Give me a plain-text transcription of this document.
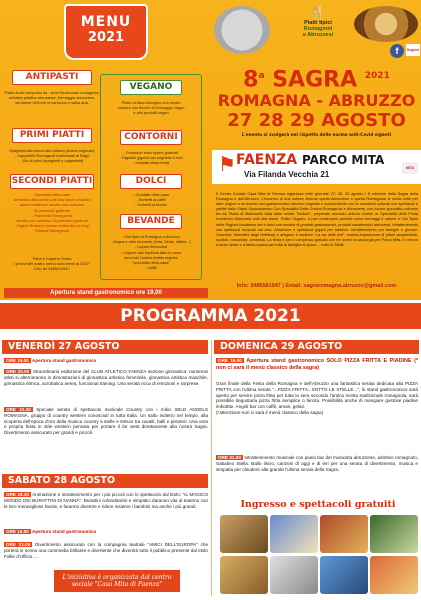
MENU
2021
ANTIPASTI
Piatto tirolo composto da : semi tricotrovato romagnola,
vellutino piadina abrussese, formaggio abruzzese,
verdurine dell'orto in cartoccio e salsa aria.
PRIMI PIATTI
Spaghetti Abruzzesi alla chitarra (ricetta originale)
- Cappelletti Romagnoli tradizionali al Ragù
- Bis di primi (spaghetti e cappelletti)
SECONDI PIATTI
Specialità della casa
Arrosticini Abruzzesi cotti alla brace secondo
antica tradizione servita con contorno
di pomodori gratinati
- Porchetta Romagnola
servita con contorno di pomodori gratinati
- Fagioli Messere (carina ricetta del zio boy)
Piadina Romagnola
Pane e Coperto Gratis
I prezzi del nostro menù sono fermi al 2017!
Info: tel 3488210947
VEGANO
Piatto al flavo biologico con ricotto
verdure con fiocchi di formaggio vegan
e altri prodotti vegan
CONTORNI
- Pomodori rossi ripieni gratinati
- Fagiolini giganti con sughetto e tofu
- Insalata mista ferita
DOLCI
- Crostate della casa
- Sorbetti al caffè
- Sorbetti al limone
BEVANDE
- Vini tipici di Romagna e Abruzzo
- Acqua e altre bevande (birra, bibite, lattine...)
- Liquori Abruzzesi
- Liquore alla liquirizia fatto in casa
secondo l'antica ricetta segreta
"specialità della casa"
- Caffè
Apertura stand gastronomico ore 19,00
🍴
Piatti tipici
Romagnoli
e Abruzzesi
f	Seguici
8$^a$ SAGRA $^{2021}$
ROMAGNA - ABRUZZO
27 28 29 AGOSTO
L'evento si svolgerà nel rispetto delle norme anti-Covid vigenti
⚑ FAENZA PARCO MITA
Via Filanda Vecchia 21
MITA
Il Centro Sociale Casa Mita di Faenza organizza nelle giornate 27, 28, 29 agosto l' 8 edizione della Sagra della Romagna e dell'Abruzzo. L'incontro di due culture diverse quella Abruzzese e quella Romagnola si svela unite per dare origine a un evento eno-gastronomico davvero originale e sorprendente con le occasioni culturali con spettacoli e partite dallo Stand Gastronomico Con Specialità Della Cucina Romagnola e Abruzzese, con buone specialità culinarie tra cui Piada al Mattonello fatta dalle nostre "Azdore", preparate secondo antiche ricette, le Specialità della Festa Arrosticini Abruzzesi cotti alla brace. Piatto Vegano, Il pan continuano prodotti come formaggi e salumi e Vini Tipici delle Regioni fondatrice dei e dolci con vendita di prodotti gastronomici, prodotti caratteristici abruzzesi. Intrattenimento con spettacoli musicali dal vivo. Attrazione e spettacoli gigant per bambini. Intrattenimento per famiglie e giovani. Concorsi: Mercatini degli Hobbisty e artigiani. Il scultore "La via delle Arti", mostra-esposizione di pittori acquerellisti, scultori, mosaicisti, ceramisti. La festa e per il complesso gratuito con tre ordine a caccurgia per Parco Mita, in mezzo a tanto verde e a tanta musica per tutta la famiglia al riparo. ...tutto in Stelle.
Info: 3486581947 | Email: sagraromagna.abruzzo@gmail.com
PROGRAMMA 2021
VENERDÌ 27 AGOSTO
ORE 19.00 Apertura stand gastronomico
ORE 20.00 Straordinaria esibizione del CLUB ATLETICO FAENZA sezione ginnastica: numerosi atleti si alterneranno in dimostrazioni di ginnastica artistica femminile, ginnastica artistica maschile, ginnastica ritmica, acrobatica aerea, functional training. Una serata ricca di emozioni e sorprese.
ORE 21.30 Speciale serata di spettacolo musicale Country con i mitici WILD ANGELS ROMAGNA, gruppo di country western conosciuti in tutta Italia. Un salto indietro nel tempo, alla scoperta dell'epoca d'oro della musica country a stelle e strisce tra cavalli, balli e pistoleri. Una vera e propria festa in stile western pensata per portare il far west direttamente alla nostra Sagra. Divertimento assicurato per grandi e piccoli.
SABATO 28 AGOSTO
ORE 18.30 Animazione e intrattenimento per i più piccoli con lo spettacolo dal titolo: "IL MAGICO MONDO DEI BURATTINI DI NANNÀ". Burattini coloratissimi e simpatici daranno vita al teatrino con le loro meravigliose favole, e faranno divertire e ridere insieme i bambini ma anche i più grandi.
ORE 19.00 Apertura stand gastronomico
ORE 21.00 Divertimento assicurato con la compagnia teatrale "AMICI DELL'EUROPA" che porterà in scena una commedia brillante e divertente che divertirà tutto il pubblico presente dal titolo Follie d'Ufficio.....
L'iniziativa è organizzata dal centro sociale "Casa Mita di Faenza"
DOMENICA 29 AGOSTO
ORE 19.00 Apertura stand gastronomico SOLO PIZZA FRITTA E PIADINE (* non ci sarà il menù classico della sagra)
Gran finale della Festa della Romagna e dell'Abruzzo una fantastica serata dedicata alla PIZZA FRITTA con l'ultima serata "...PIZZA FRITTA...SOTTO LE STELLE...", lo stand gastronomico sarà aperto per servire pizza fritta per tutta la sera secondo l'antica ricetta tradizionale romagnola, sarà possibile degustarla pizza fritta semplice o farcita. Possibilità anche di mangiare gustose piadine imbottite. Angoli bar con caffè, amari, gelati.
(*attenzione non ci sarà il menù classico della sagra)
ORE 21.00 Intrattenimento musicale con piano bar del musicista abruzzese, adottivo romagnolo, Sabatino Stella. Ballo liscio, canzoni di oggi e di ieri per una serata di divertimento, musica e simpatia per chiudere alla grande l'ultima serata della Sagra.
Ingresso e spettacoli gratuiti
